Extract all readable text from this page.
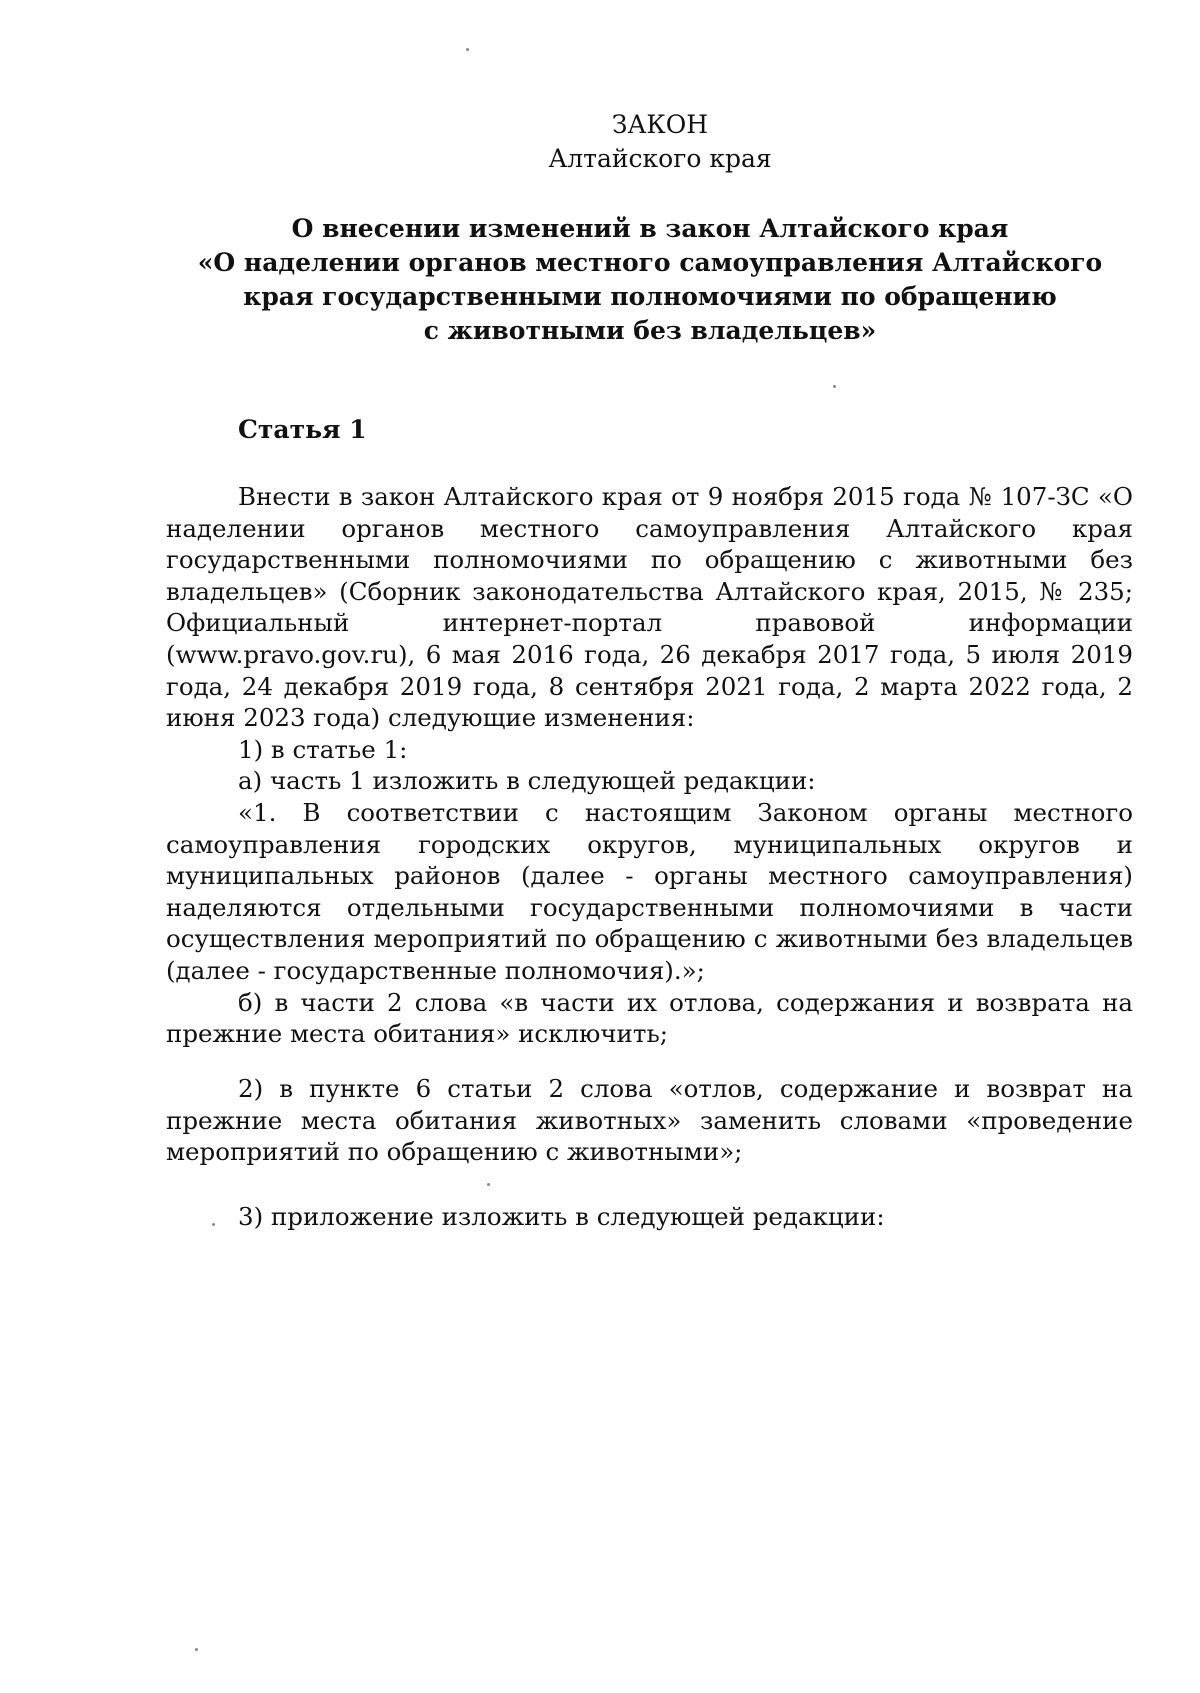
ЗАКОН
Алтайского края
О внесении изменений в закон Алтайского края
«О наделении органов местного самоуправления Алтайского
края государственными полномочиями по обращению
с животными без владельцев»
Статья 1

Внести в закон Алтайского края от 9 ноября 2015 года № 107-ЗС «О наделении органов местного самоуправления Алтайского края государственными полномочиями по обращению с животными без владельцев» (Сборник законодательства Алтайского края, 2015, № 235; Официальный интернет-портал правовой информации (www.pravo.gov.ru), 6 мая 2016 года, 26 декабря 2017 года, 5 июля 2019 года, 24 декабря 2019 года, 8 сентября 2021 года, 2 марта 2022 года, 2 июня 2023 года) следующие изменения:

1) в статье 1:

а) часть 1 изложить в следующей редакции:

«1. В соответствии с настоящим Законом органы местного самоуправления городских округов, муниципальных округов и муниципальных районов (далее - органы местного самоуправления) наделяются отдельными государственными полномочиями в части осуществления мероприятий по обращению с животными без владельцев (далее - государственные полномочия).»;

б) в части 2 слова «в части их отлова, содержания и возврата на прежние места обитания» исключить;

2) в пункте 6 статьи 2 слова «отлов, содержание и возврат на прежние места обитания животных» заменить словами «проведение мероприятий по обращению с животными»;

3) приложение изложить в следующей редакции:
